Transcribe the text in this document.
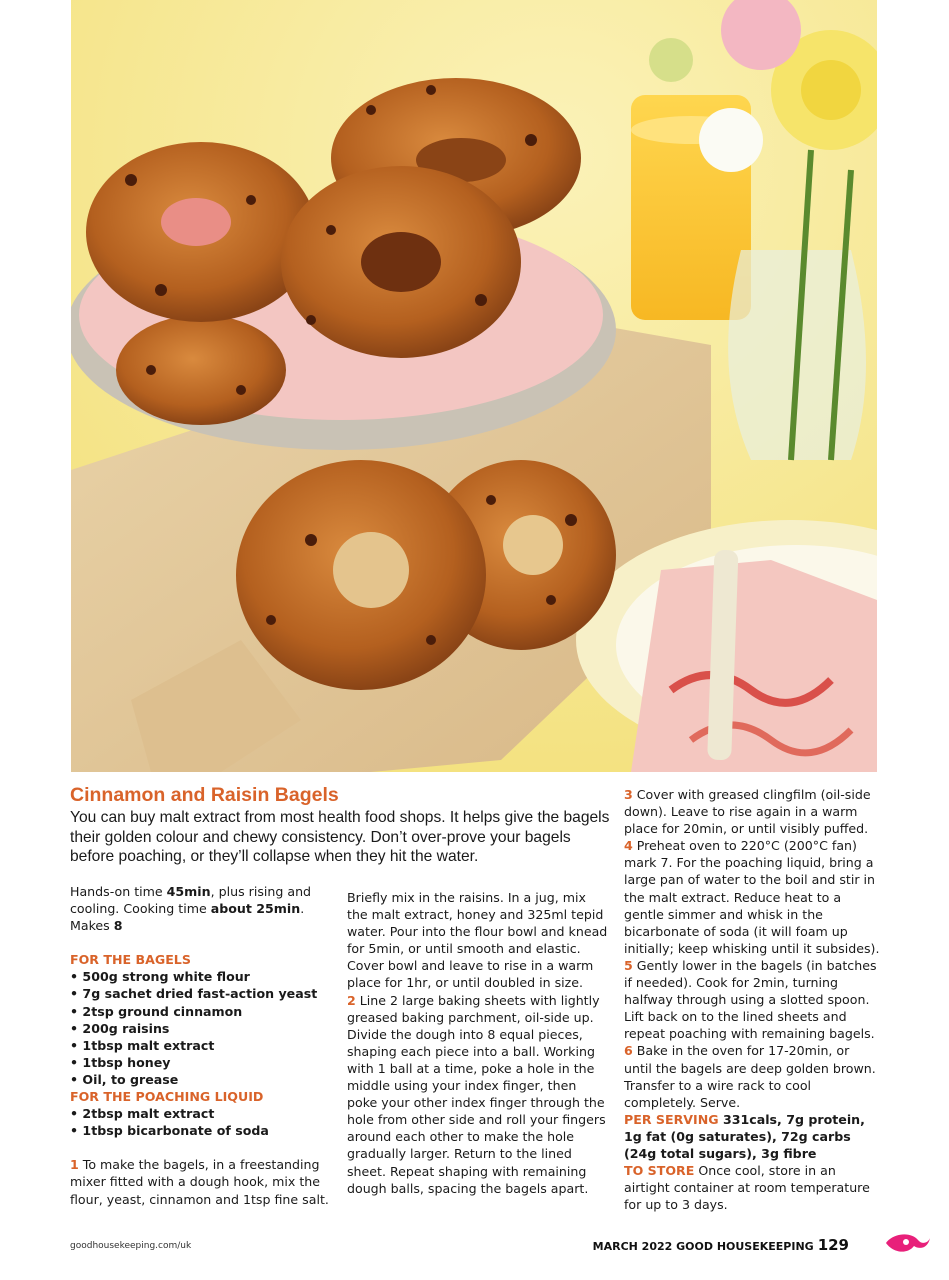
Cinnamon and Raisin Bagels

You can buy malt extract from most health food shops. It helps give the bagels their golden colour and chewy consistency. Don’t over-prove your bagels before poaching, or they’ll collapse when they hit the water.

Hands-on time 45min, plus rising and cooling. Cooking time about 25min. Makes 8

FOR THE BAGELS

• 500g strong white flour

• 7g sachet dried fast-action yeast

• 2tsp ground cinnamon

• 200g raisins

• 1tbsp malt extract

• 1tbsp honey

• Oil, to grease

FOR THE POACHING LIQUID

• 2tbsp malt extract

• 1tbsp bicarbonate of soda

1 To make the bagels, in a freestanding mixer fitted with a dough hook, mix the flour, yeast, cinnamon and 1tsp fine salt.

Briefly mix in the raisins. In a jug, mix the malt extract, honey and 325ml tepid water. Pour into the flour bowl and knead for 5min, or until smooth and elastic. Cover bowl and leave to rise in a warm place for 1hr, or until doubled in size.

2 Line 2 large baking sheets with lightly greased baking parchment, oil-side up. Divide the dough into 8 equal pieces, shaping each piece into a ball. Working with 1 ball at a time, poke a hole in the middle using your index finger, then poke your other index finger through the hole from other side and roll your fingers around each other to make the hole gradually larger. Return to the lined sheet. Repeat shaping with remaining dough balls, spacing the bagels apart.

3 Cover with greased clingfilm (oil-side down). Leave to rise again in a warm place for 20min, or until visibly puffed.

4 Preheat oven to 220°C (200°C fan) mark 7. For the poaching liquid, bring a large pan of water to the boil and stir in the malt extract. Reduce heat to a gentle simmer and whisk in the bicarbonate of soda (it will foam up initially; keep whisking until it subsides).

5 Gently lower in the bagels (in batches if needed). Cook for 2min, turning halfway through using a slotted spoon. Lift back on to the lined sheets and repeat poaching with remaining bagels.

6 Bake in the oven for 17-20min, or until the bagels are deep golden brown. Transfer to a wire rack to cool completely. Serve.

PER SERVING 331cals, 7g protein, 1g fat (0g saturates), 72g carbs (24g total sugars), 3g fibre

TO STORE Once cool, store in an airtight container at room temperature for up to 3 days.

goodhousekeeping.com/uk	MARCH 2022 GOOD HOUSEKEEPING 129
